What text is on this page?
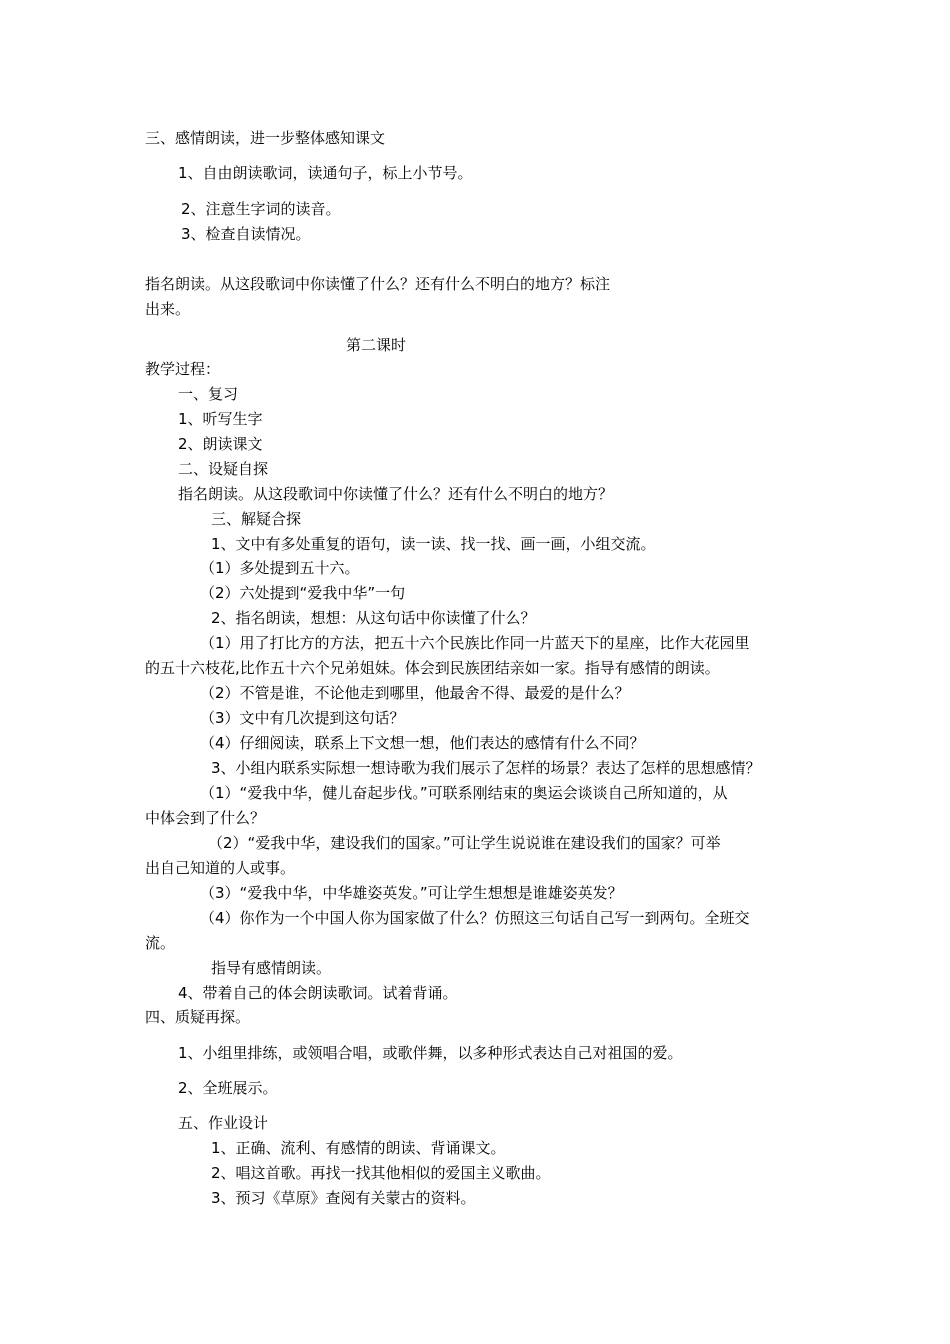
三、感情朗读，进一步整体感知课文
1、自由朗读歌词，读通句子，标上小节号。
2、注意生字词的读音。
3、检查自读情况。
指名朗读。从这段歌词中你读懂了什么？还有什么不明白的地方？标注
出来。
第二课时
教学过程：
一、复习
1、听写生字
2、朗读课文
二、设疑自探
指名朗读。从这段歌词中你读懂了什么？还有什么不明白的地方？
三、解疑合探
1、文中有多处重复的语句，读一读、找一找、画一画，小组交流。
（1）多处提到五十六。
（2）六处提到“爱我中华”一句
2、指名朗读，想想：从这句话中你读懂了什么？
（1）用了打比方的方法，把五十六个民族比作同一片蓝天下的星座，比作大花园里
的五十六枝花,比作五十六个兄弟姐妹。体会到民族团结亲如一家。指导有感情的朗读。
（2）不管是谁，不论他走到哪里，他最舍不得、最爱的是什么？
（3）文中有几次提到这句话？
（4）仔细阅读，联系上下文想一想，他们表达的感情有什么不同？
3、小组内联系实际想一想诗歌为我们展示了怎样的场景？表达了怎样的思想感情？
（1）“爱我中华，健儿奋起步伐。”可联系刚结束的奥运会谈谈自己所知道的，从
中体会到了什么？
（2）“爱我中华，建设我们的国家。”可让学生说说谁在建设我们的国家？可举
出自己知道的人或事。
（3）“爱我中华，中华雄姿英发。”可让学生想想是谁雄姿英发？
（4）你作为一个中国人你为国家做了什么？仿照这三句话自己写一到两句。全班交
流。
指导有感情朗读。
4、带着自己的体会朗读歌词。试着背诵。
四、质疑再探。
1、小组里排练，或领唱合唱，或歌伴舞，以多种形式表达自己对祖国的爱。
2、全班展示。
五、作业设计
1、正确、流利、有感情的朗读、背诵课文。
2、唱这首歌。再找一找其他相似的爱国主义歌曲。
3、预习《草原》查阅有关蒙古的资料。
